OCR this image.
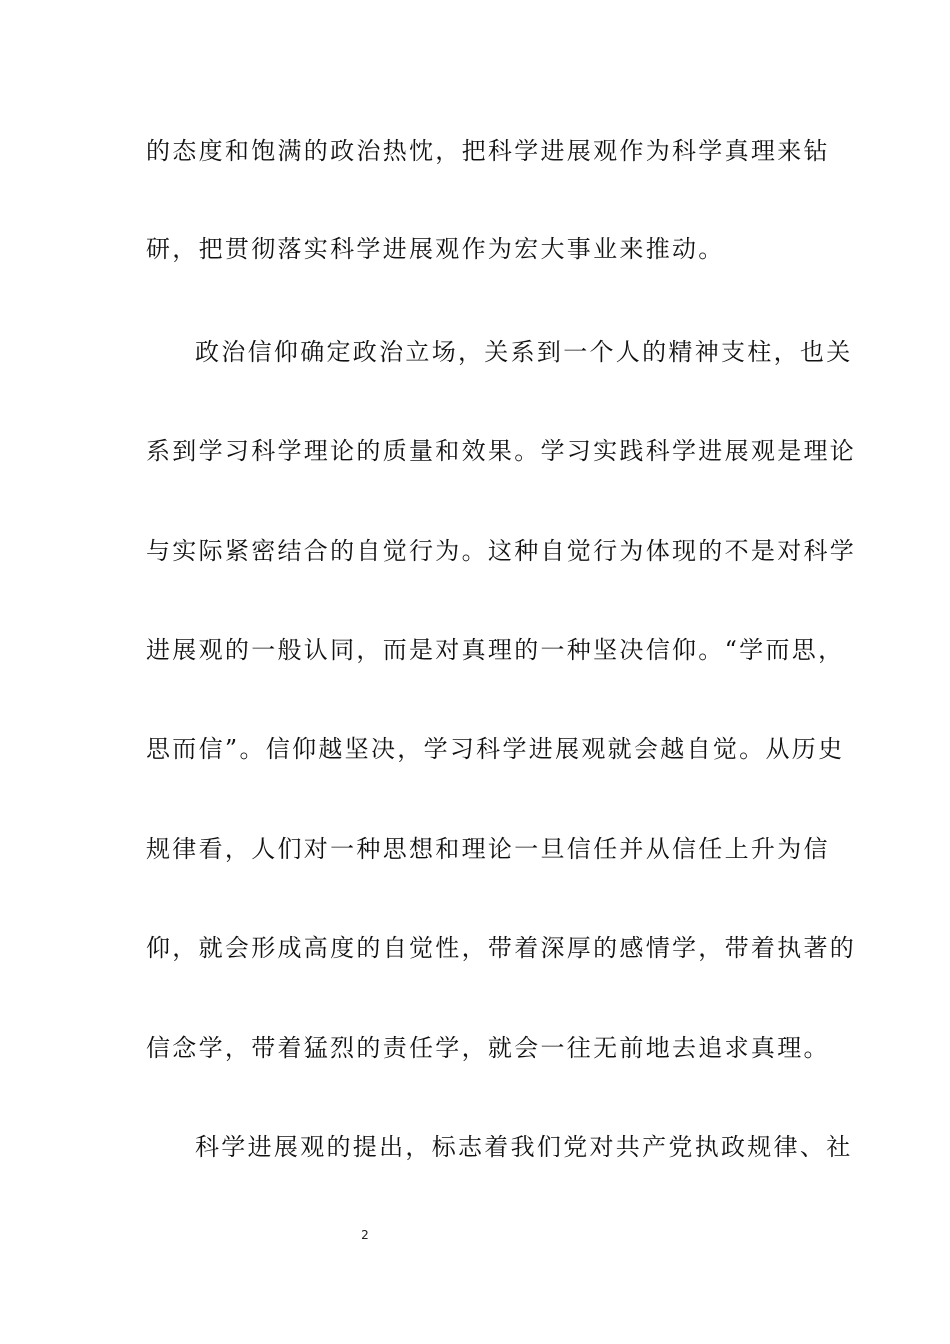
的态度和饱满的政治热忱，把科学进展观作为科学真理来钻
研，把贯彻落实科学进展观作为宏大事业来推动。
政治信仰确定政治立场，关系到一个人的精神支柱，也关
系到学习科学理论的质量和效果。学习实践科学进展观是理论
与实际紧密结合的自觉行为。这种自觉行为体现的不是对科学
进展观的一般认同，而是对真理的一种坚决信仰。“学而思，
思而信”。信仰越坚决，学习科学进展观就会越自觉。从历史
规律看，人们对一种思想和理论一旦信任并从信任上升为信
仰，就会形成高度的自觉性，带着深厚的感情学，带着执著的
信念学，带着猛烈的责任学，就会一往无前地去追求真理。
科学进展观的提出，标志着我们党对共产党执政规律、社
2
